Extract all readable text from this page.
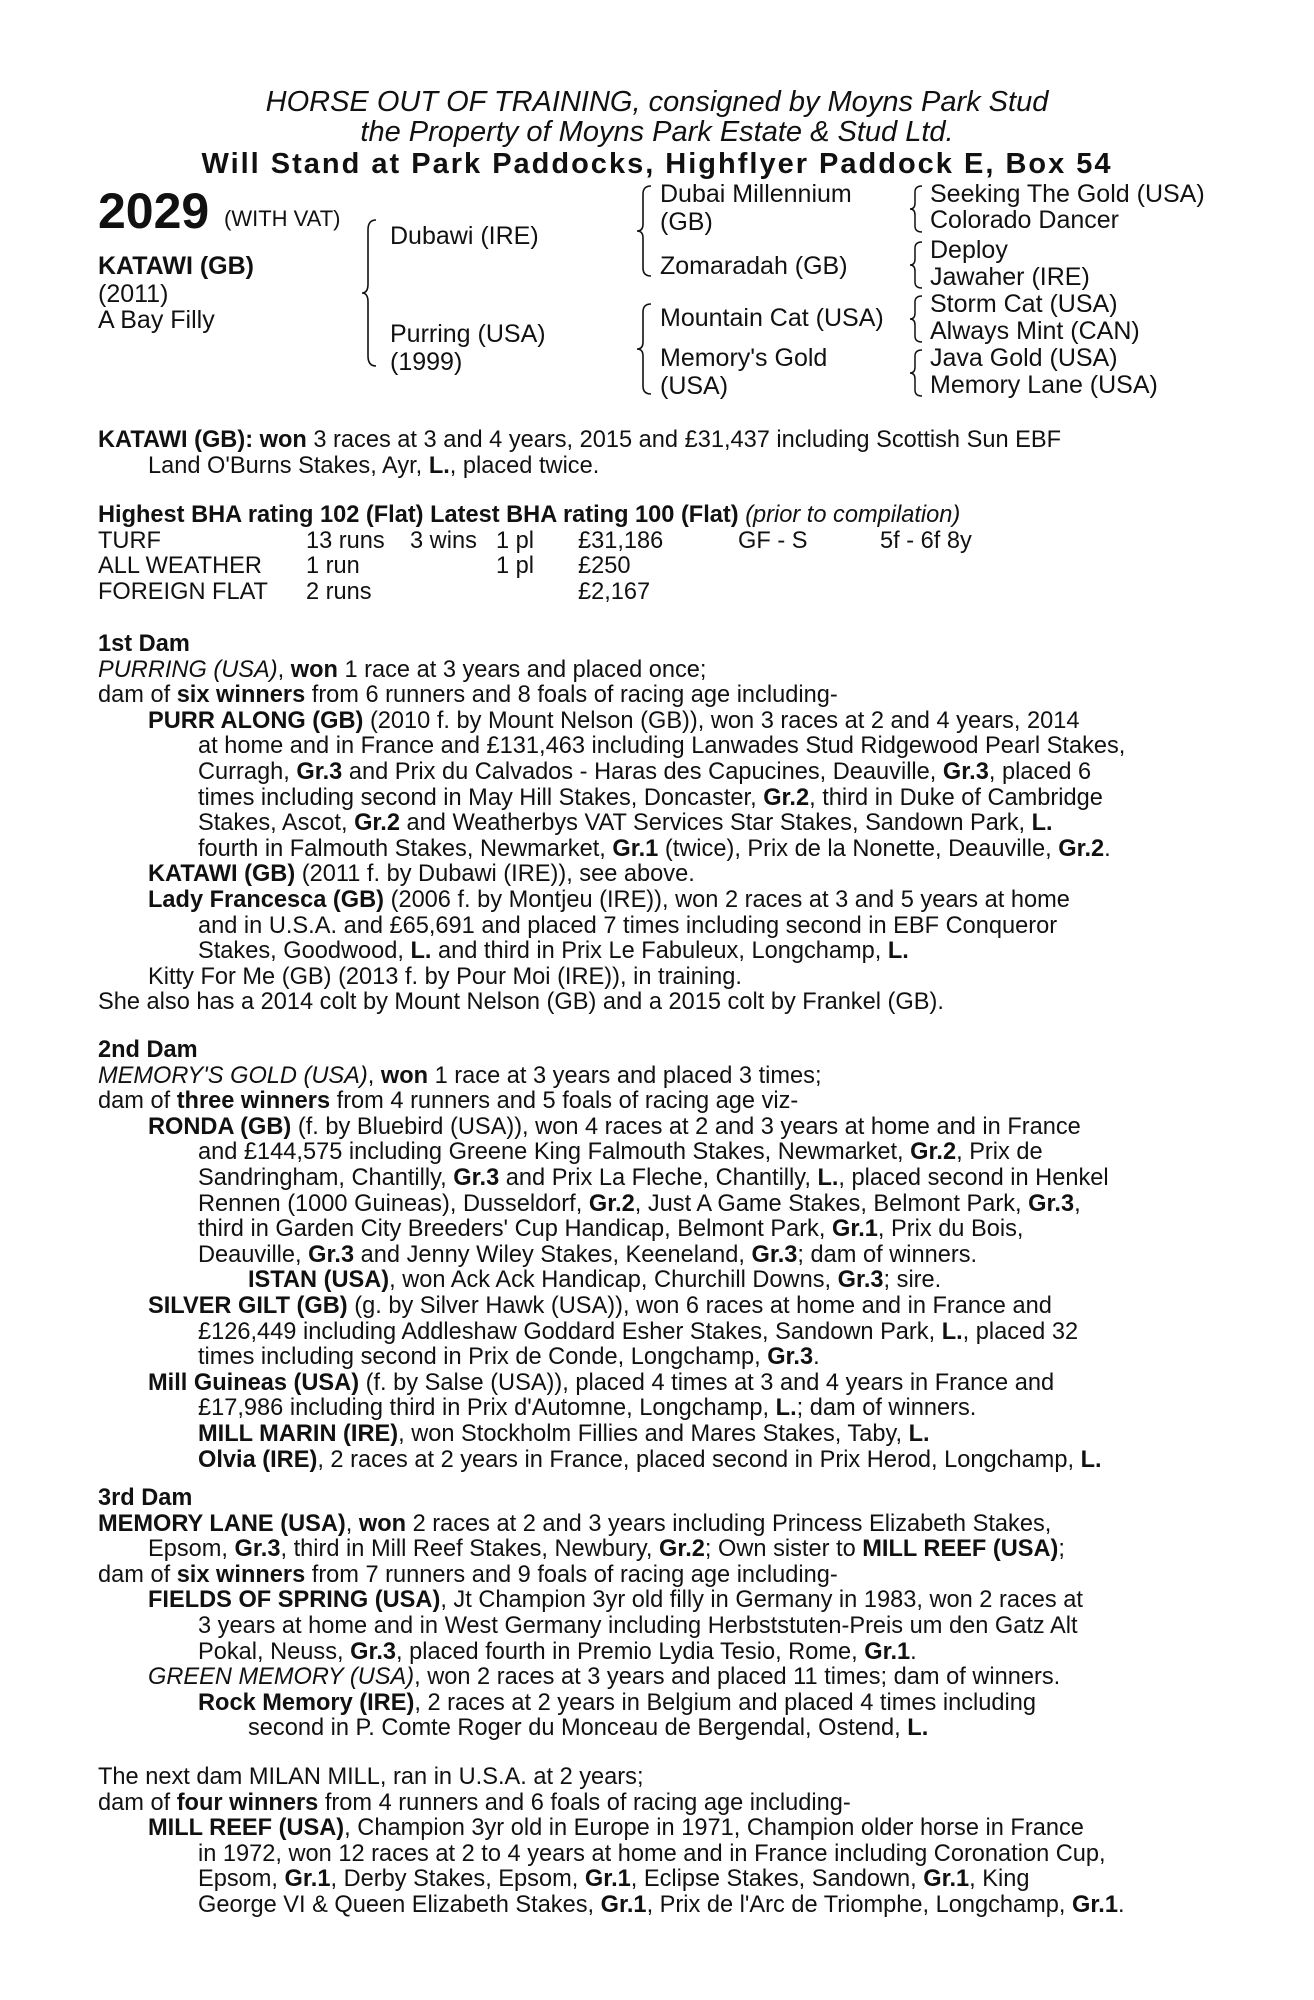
HORSE OUT OF TRAINING, consigned by Moyns Park Stud
the Property of Moyns Park Estate & Stud Ltd.
Will Stand at Park Paddocks, Highflyer Paddock E, Box 54
2029 (WITH VAT)
KATAWI (GB)
(2011)
A Bay Filly
Dubawi (IRE)
Purring (USA)
(1999)
Dubai Millennium
(GB)
Zomaradah (GB)
Mountain Cat (USA)
Memory's Gold
(USA)
Seeking The Gold (USA)
Colorado Dancer
Deploy
Jawaher (IRE)
Storm Cat (USA)
Always Mint (CAN)
Java Gold (USA)
Memory Lane (USA)
KATAWI (GB): won 3 races at 3 and 4 years, 2015 and £31,437 including Scottish Sun EBF
Land O'Burns Stakes, Ayr, L., placed twice.
Highest BHA rating 102 (Flat) Latest BHA rating 100 (Flat) (prior to compilation)
TURF	13 runs 3 wins 1 pl £31,186	GF - S	5f - 6f 8y
ALL WEATHER 1 run	1 pl £250
FOREIGN FLAT 2 runs	£2,167
1st Dam
PURRING (USA), won 1 race at 3 years and placed once;
dam of six winners from 6 runners and 8 foals of racing age including-
PURR ALONG (GB) (2010 f. by Mount Nelson (GB)), won 3 races at 2 and 4 years, 2014
at home and in France and £131,463 including Lanwades Stud Ridgewood Pearl Stakes,
Curragh, Gr.3 and Prix du Calvados - Haras des Capucines, Deauville, Gr.3, placed 6
times including second in May Hill Stakes, Doncaster, Gr.2, third in Duke of Cambridge
Stakes, Ascot, Gr.2 and Weatherbys VAT Services Star Stakes, Sandown Park, L.
fourth in Falmouth Stakes, Newmarket, Gr.1 (twice), Prix de la Nonette, Deauville, Gr.2.
KATAWI (GB) (2011 f. by Dubawi (IRE)), see above.
Lady Francesca (GB) (2006 f. by Montjeu (IRE)), won 2 races at 3 and 5 years at home
and in U.S.A. and £65,691 and placed 7 times including second in EBF Conqueror
Stakes, Goodwood, L. and third in Prix Le Fabuleux, Longchamp, L.
Kitty For Me (GB) (2013 f. by Pour Moi (IRE)), in training.
She also has a 2014 colt by Mount Nelson (GB) and a 2015 colt by Frankel (GB).
2nd Dam
MEMORY'S GOLD (USA), won 1 race at 3 years and placed 3 times;
dam of three winners from 4 runners and 5 foals of racing age viz-
RONDA (GB) (f. by Bluebird (USA)), won 4 races at 2 and 3 years at home and in France
and £144,575 including Greene King Falmouth Stakes, Newmarket, Gr.2, Prix de
Sandringham, Chantilly, Gr.3 and Prix La Fleche, Chantilly, L., placed second in Henkel
Rennen (1000 Guineas), Dusseldorf, Gr.2, Just A Game Stakes, Belmont Park, Gr.3,
third in Garden City Breeders' Cup Handicap, Belmont Park, Gr.1, Prix du Bois,
Deauville, Gr.3 and Jenny Wiley Stakes, Keeneland, Gr.3; dam of winners.
ISTAN (USA), won Ack Ack Handicap, Churchill Downs, Gr.3; sire.
SILVER GILT (GB) (g. by Silver Hawk (USA)), won 6 races at home and in France and
£126,449 including Addleshaw Goddard Esher Stakes, Sandown Park, L., placed 32
times including second in Prix de Conde, Longchamp, Gr.3.
Mill Guineas (USA) (f. by Salse (USA)), placed 4 times at 3 and 4 years in France and
£17,986 including third in Prix d'Automne, Longchamp, L.; dam of winners.
MILL MARIN (IRE), won Stockholm Fillies and Mares Stakes, Taby, L.
Olvia (IRE), 2 races at 2 years in France, placed second in Prix Herod, Longchamp, L.
3rd Dam
MEMORY LANE (USA), won 2 races at 2 and 3 years including Princess Elizabeth Stakes,
Epsom, Gr.3, third in Mill Reef Stakes, Newbury, Gr.2; Own sister to MILL REEF (USA);
dam of six winners from 7 runners and 9 foals of racing age including-
FIELDS OF SPRING (USA), Jt Champion 3yr old filly in Germany in 1983, won 2 races at
3 years at home and in West Germany including Herbststuten-Preis um den Gatz Alt
Pokal, Neuss, Gr.3, placed fourth in Premio Lydia Tesio, Rome, Gr.1.
GREEN MEMORY (USA), won 2 races at 3 years and placed 11 times; dam of winners.
Rock Memory (IRE), 2 races at 2 years in Belgium and placed 4 times including
second in P. Comte Roger du Monceau de Bergendal, Ostend, L.
The next dam MILAN MILL, ran in U.S.A. at 2 years;
dam of four winners from 4 runners and 6 foals of racing age including-
MILL REEF (USA), Champion 3yr old in Europe in 1971, Champion older horse in France
in 1972, won 12 races at 2 to 4 years at home and in France including Coronation Cup,
Epsom, Gr.1, Derby Stakes, Epsom, Gr.1, Eclipse Stakes, Sandown, Gr.1, King
George VI & Queen Elizabeth Stakes, Gr.1, Prix de l'Arc de Triomphe, Longchamp, Gr.1.
